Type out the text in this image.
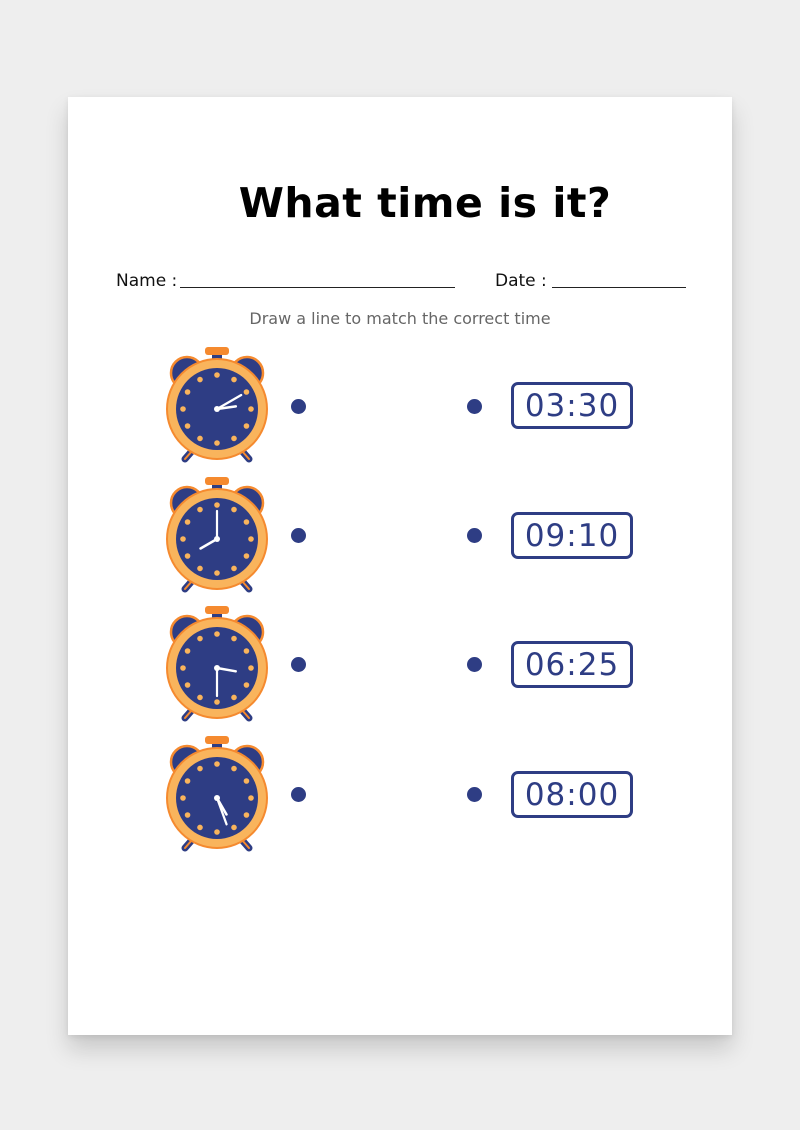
What time is it?
Name :	Date :
Draw a line to match the correct time
03:30
09:10
06:25
08:00
